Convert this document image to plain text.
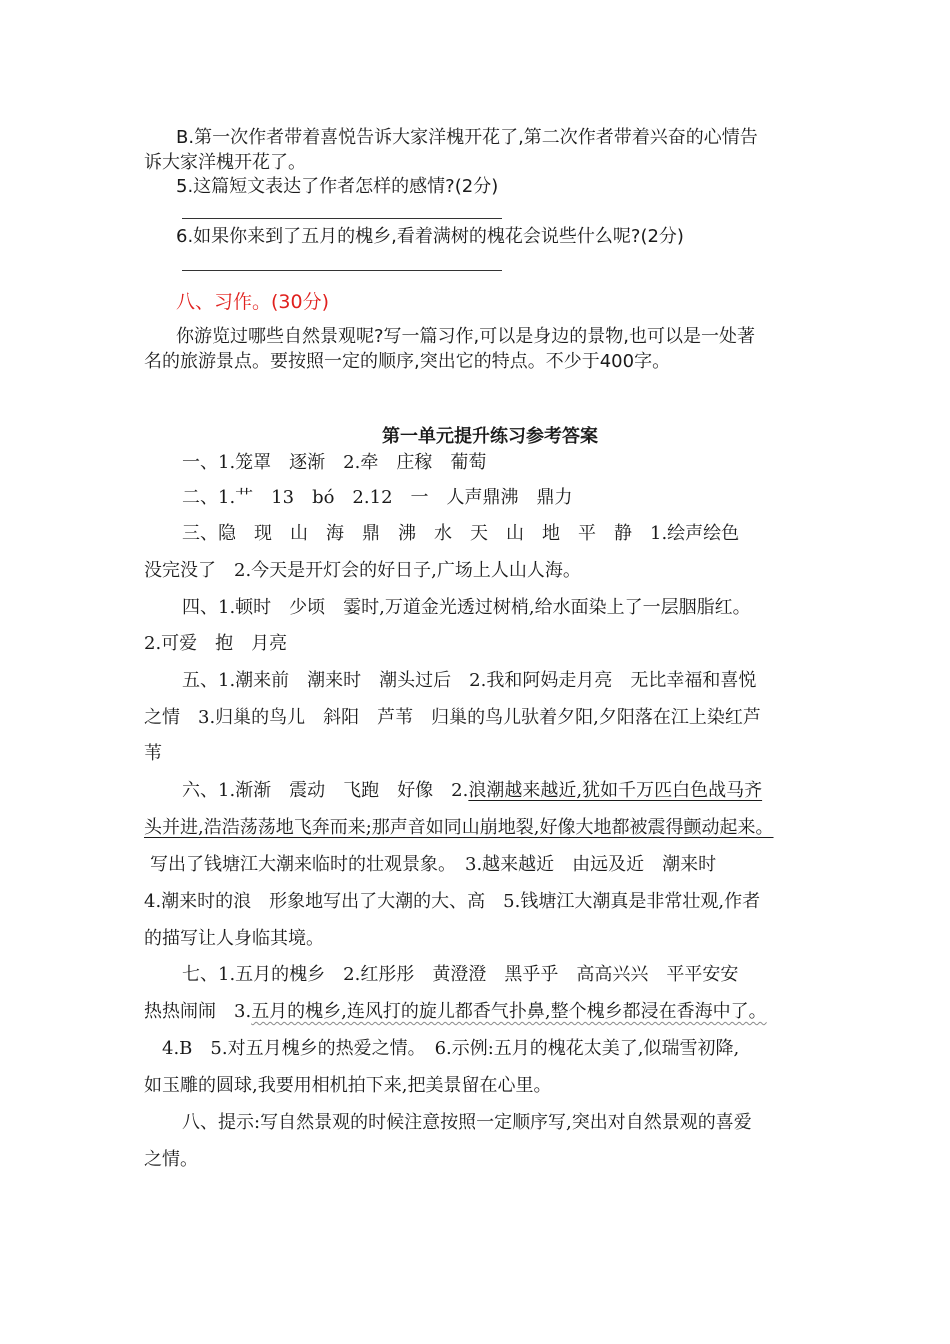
B.第一次作者带着喜悦告诉大家洋槐开花了,第二次作者带着兴奋的心情告
诉大家洋槐开花了。
5.这篇短文表达了作者怎样的感情?(2分)
6.如果你来到了五月的槐乡,看着满树的槐花会说些什么呢?(2分)
八、习作。(30分)
你游览过哪些自然景观呢?写一篇习作,可以是身边的景物,也可以是一处著
名的旅游景点。要按照一定的顺序,突出它的特点。不少于400字。
第一单元提升练习参考答案
一、1.笼罩　逐渐　2.牵　庄稼　葡萄
二、1.艹　13　bó　2.12　一　人声鼎沸　鼎力
三、隐　现　山　海　鼎　沸　水　天　山　地　平　静　1.绘声绘色
没完没了　2.今天是开灯会的好日子,广场上人山人海。
四、1.顿时　少顷　霎时,万道金光透过树梢,给水面染上了一层胭脂红。
2.可爱　抱　月亮
五、1.潮来前　潮来时　潮头过后　2.我和阿妈走月亮　无比幸福和喜悦
之情　3.归巢的鸟儿　斜阳　芦苇　归巢的鸟儿驮着夕阳,夕阳落在江上染红芦
苇
六、1.渐渐　震动　飞跑　好像　2.浪潮越来越近,犹如千万匹白色战马齐
头并进,浩浩荡荡地飞奔而来;那声音如同山崩地裂,好像大地都被震得颤动起来。
写出了钱塘江大潮来临时的壮观景象。　3.越来越近　由远及近　潮来时
4.潮来时的浪　形象地写出了大潮的大、高　5.钱塘江大潮真是非常壮观,作者
的描写让人身临其境。
七、1.五月的槐乡　2.红彤彤　黄澄澄　黑乎乎　高高兴兴　平平安安
热热闹闹　3.五月的槐乡,连风打的旋儿都香气扑鼻,整个槐乡都浸在香海中了。
4.B　5.对五月槐乡的热爱之情。　6.示例:五月的槐花太美了,似瑞雪初降,
如玉雕的圆球,我要用相机拍下来,把美景留在心里。
八、提示:写自然景观的时候注意按照一定顺序写,突出对自然景观的喜爱
之情。
